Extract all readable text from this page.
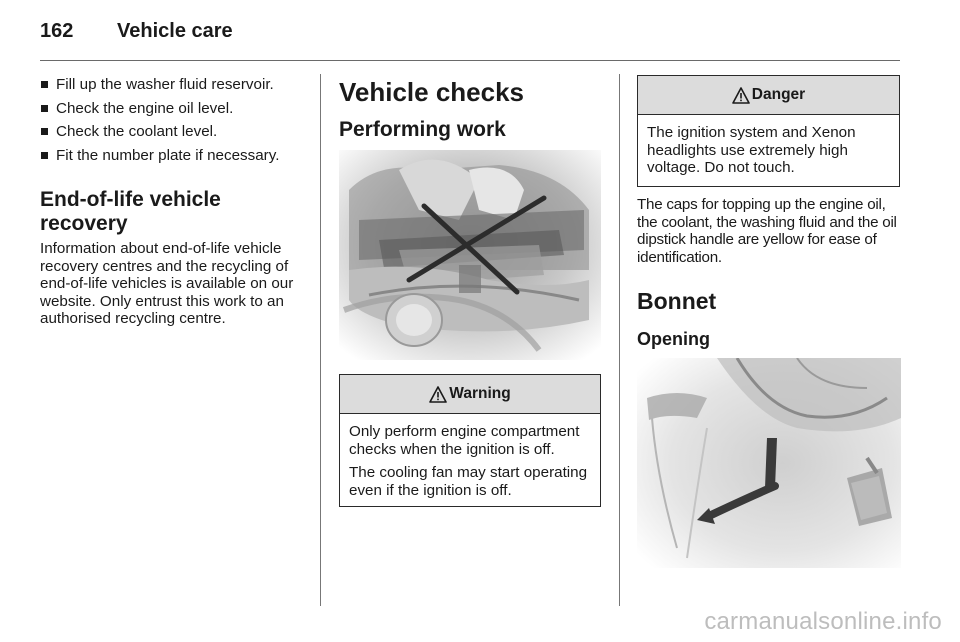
162 Vehicle care
Fill up the washer fluid reservoir.
Check the engine oil level.
Check the coolant level.
Fit the number plate if necessary.
End-of-life vehicle
recovery
Information about end-of-life vehicle recovery centres and the recycling of end-of-life vehicles is available on our website. Only entrust this work to an authorised recycling centre.
Vehicle checks
Performing work
Warning

Only perform engine compartment checks when the ignition is off.

The cooling fan may start operating even if the ignition is off.

Danger

The ignition system and Xenon headlights use extremely high voltage. Do not touch.

The caps for topping up the engine oil, the coolant, the washing fluid and the oil dipstick handle are yellow for ease of identification.
Bonnet
Opening
carmanualsonline.info
